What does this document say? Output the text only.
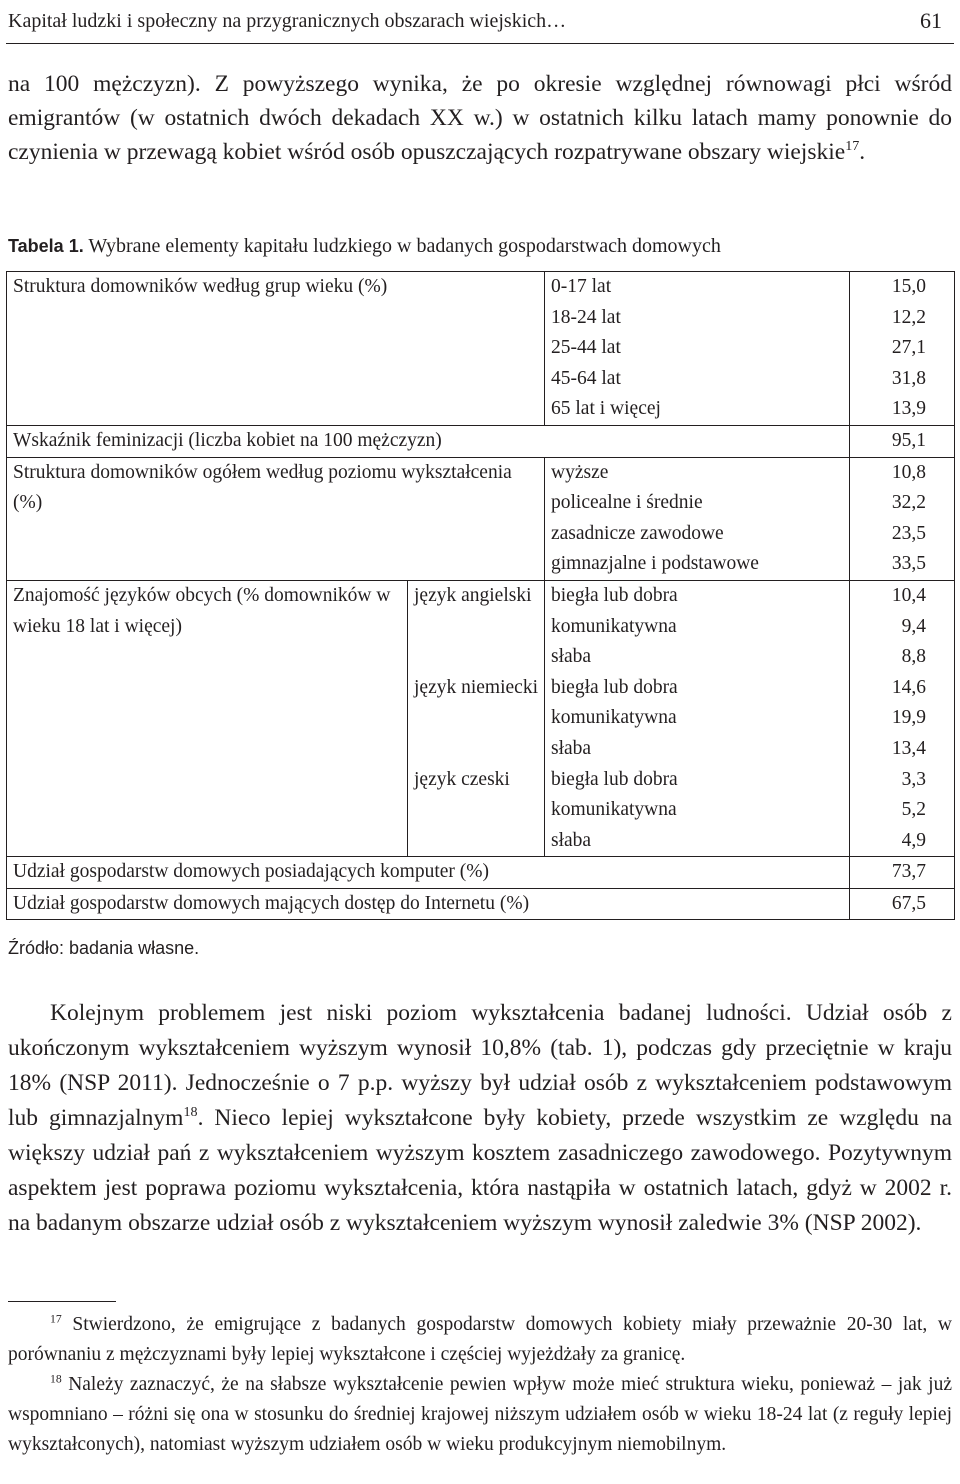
Kapitał ludzki i społeczny na przygranicznych obszarach wiejskich…	61
na 100 mężczyzn). Z powyższego wynika, że po okresie względnej równowagi płci wśród emigrantów (w ostatnich dwóch dekadach XX w.) w ostatnich kilku latach mamy ponownie do czynienia w przewagą kobiet wśród osób opuszczających rozpatrywane obszary wiejskie$^{17}$.
Tabela 1. Wybrane elementy kapitału ludzkiego w badanych gospodarstwach domowych
Struktura domowników według grup wieku (%)		0-17 lat	15,0
		18-24 lat	12,2
		25-44 lat	27,1
		45-64 lat	31,8
		65 lat i więcej	13,9
Wskaźnik feminizacji (liczba kobiet na 100 mężczyzn)			95,1
Struktura domowników ogółem według poziomu wykształcenia (%)		wyższe	10,8
		policealne i średnie	32,2
		zasadnicze zawodowe	23,5
		gimnazjalne i podstawowe	33,5
Znajomość języków obcych (% domowników w wieku 18 lat i więcej)	język angielski	biegła lub dobra	10,4
		komunikatywna	9,4
		słaba	8,8
	język niemiecki	biegła lub dobra	14,6
		komunikatywna	19,9
		słaba	13,4
	język czeski	biegła lub dobra	3,3
		komunikatywna	5,2
		słaba	4,9
Udział gospodarstw domowych posiadających komputer (%)			73,7
Udział gospodarstw domowych mających dostęp do Internetu (%)			67,5
Źródło: badania własne.
Kolejnym problemem jest niski poziom wykształcenia badanej ludności. Udział osób z ukończonym wykształceniem wyższym wynosił 10,8% (tab. 1), podczas gdy przeciętnie w kraju 18% (NSP 2011). Jednocześnie o 7 p.p. wyższy był udział osób z wykształceniem podstawowym lub gimnazjalnym$^{18}$. Nieco lepiej wykształcone były kobiety, przede wszystkim ze względu na większy udział pań z wykształceniem wyższym kosztem zasadniczego zawodowego. Pozytywnym aspektem jest poprawa poziomu wykształcenia, która nastąpiła w ostatnich latach, gdyż w 2002 r. na badanym obszarze udział osób z wykształceniem wyższym wynosił zaledwie 3% (NSP 2002).

$^{17}$ Stwierdzono, że emigrujące z badanych gospodarstw domowych kobiety miały przeważnie 20-30 lat, w porównaniu z mężczyznami były lepiej wykształcone i częściej wyjeżdżały za granicę.

$^{18}$ Należy zaznaczyć, że na słabsze wykształcenie pewien wpływ może mieć struktura wieku, ponieważ – jak już wspomniano – różni się ona w stosunku do średniej krajowej niższym udziałem osób w wieku 18-24 lat (z reguły lepiej wykształconych), natomiast wyższym udziałem osób w wieku produkcyjnym niemobilnym.
